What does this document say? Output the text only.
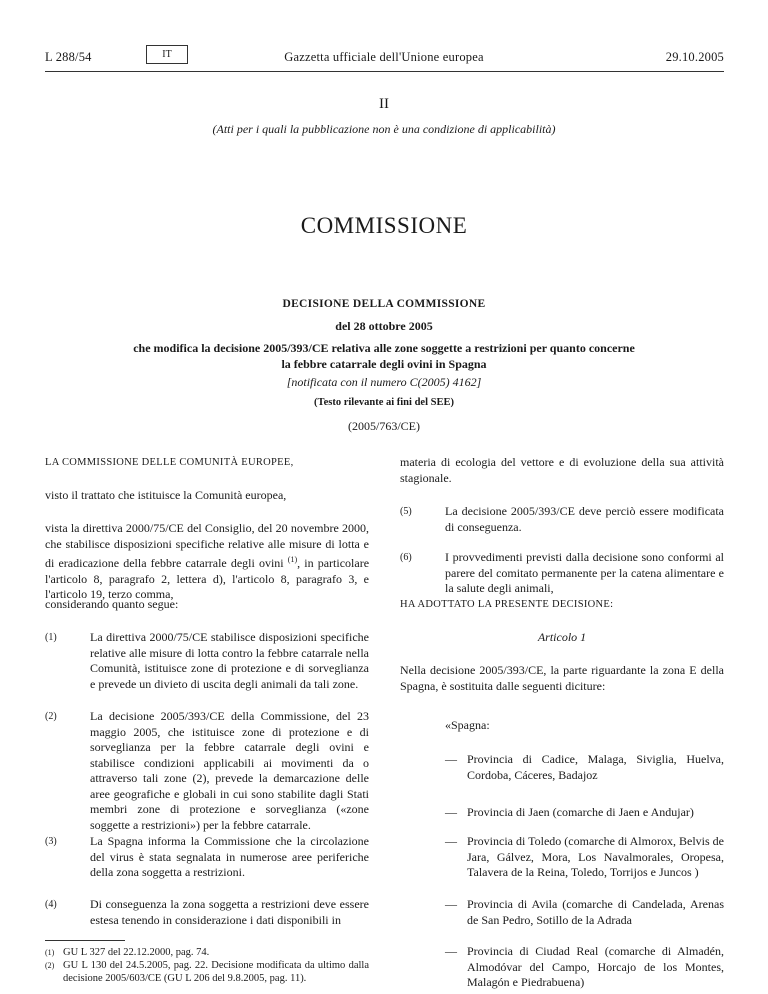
L 288/54	IT	Gazzetta ufficiale dell'Unione europea	29.10.2005
II
(Atti per i quali la pubblicazione non è una condizione di applicabilità)
COMMISSIONE
DECISIONE DELLA COMMISSIONE
del 28 ottobre 2005
che modifica la decisione 2005/393/CE relativa alle zone soggette a restrizioni per quanto concerne
la febbre catarrale degli ovini in Spagna
[notificata con il numero C(2005) 4162]
(Testo rilevante ai fini del SEE)
(2005/763/CE)
LA COMMISSIONE DELLE COMUNITÀ EUROPEE,
visto il trattato che istituisce la Comunità europea,
vista la direttiva 2000/75/CE del Consiglio, del 20 novembre 2000, che stabilisce disposizioni specifiche relative alle misure di lotta e di eradicazione della febbre catarrale degli ovini $^{(1)}$, in particolare l'articolo 8, paragrafo 2, lettera d), l'articolo 8, paragrafo 3, e l'articolo 19, terzo comma,
considerando quanto segue:
(1)	La direttiva 2000/75/CE stabilisce disposizioni specifiche relative alle misure di lotta contro la febbre catarrale nella Comunità, istituisce zone di protezione e di sorveglianza e prevede un divieto di uscita degli animali da tali zone.
(2)	La decisione 2005/393/CE della Commissione, del 23 maggio 2005, che istituisce zone di protezione e di sorveglianza per la febbre catarrale degli ovini e stabilisce condizioni applicabili ai movimenti da o attraverso tali zone (2), prevede la demarcazione delle aree geografiche e globali in cui sono stabilite dagli Stati membri zone di protezione e sorveglianza («zone soggette a restrizioni») per la febbre catarrale.
(3)	La Spagna informa la Commissione che la circolazione del virus è stata segnalata in numerose aree periferiche della zona soggetta a restrizioni.
(4)	Di conseguenza la zona soggetta a restrizioni deve essere estesa tenendo in considerazione i dati disponibili in
(1) GU L 327 del 22.12.2000, pag. 74.
(2) GU L 130 del 24.5.2005, pag. 22. Decisione modificata da ultimo dalla decisione 2005/603/CE (GU L 206 del 9.8.2005, pag. 11).
materia di ecologia del vettore e di evoluzione della sua attività stagionale.
(5)	La decisione 2005/393/CE deve perciò essere modificata di conseguenza.
(6)	I provvedimenti previsti dalla decisione sono conformi al parere del comitato permanente per la catena alimentare e la salute degli animali,
HA ADOTTATO LA PRESENTE DECISIONE:
Articolo 1
Nella decisione 2005/393/CE, la parte riguardante la zona E della Spagna, è sostituita dalle seguenti diciture:
«Spagna:
— Provincia di Cadice, Malaga, Siviglia, Huelva, Cordoba, Cáceres, Badajoz
— Provincia di Jaen (comarche di Jaen e Andujar)
— Provincia di Toledo (comarche di Almorox, Belvis de Jara, Gálvez, Mora, Los Navalmorales, Oropesa, Talavera de la Reina, Toledo, Torrijos e Juncos )
— Provincia di Avila (comarche di Candelada, Arenas de San Pedro, Sotillo de la Adrada
— Provincia di Ciudad Real (comarche di Almadén, Almodóvar del Campo, Horcajo de los Montes, Malagón e Piedrabuena)
